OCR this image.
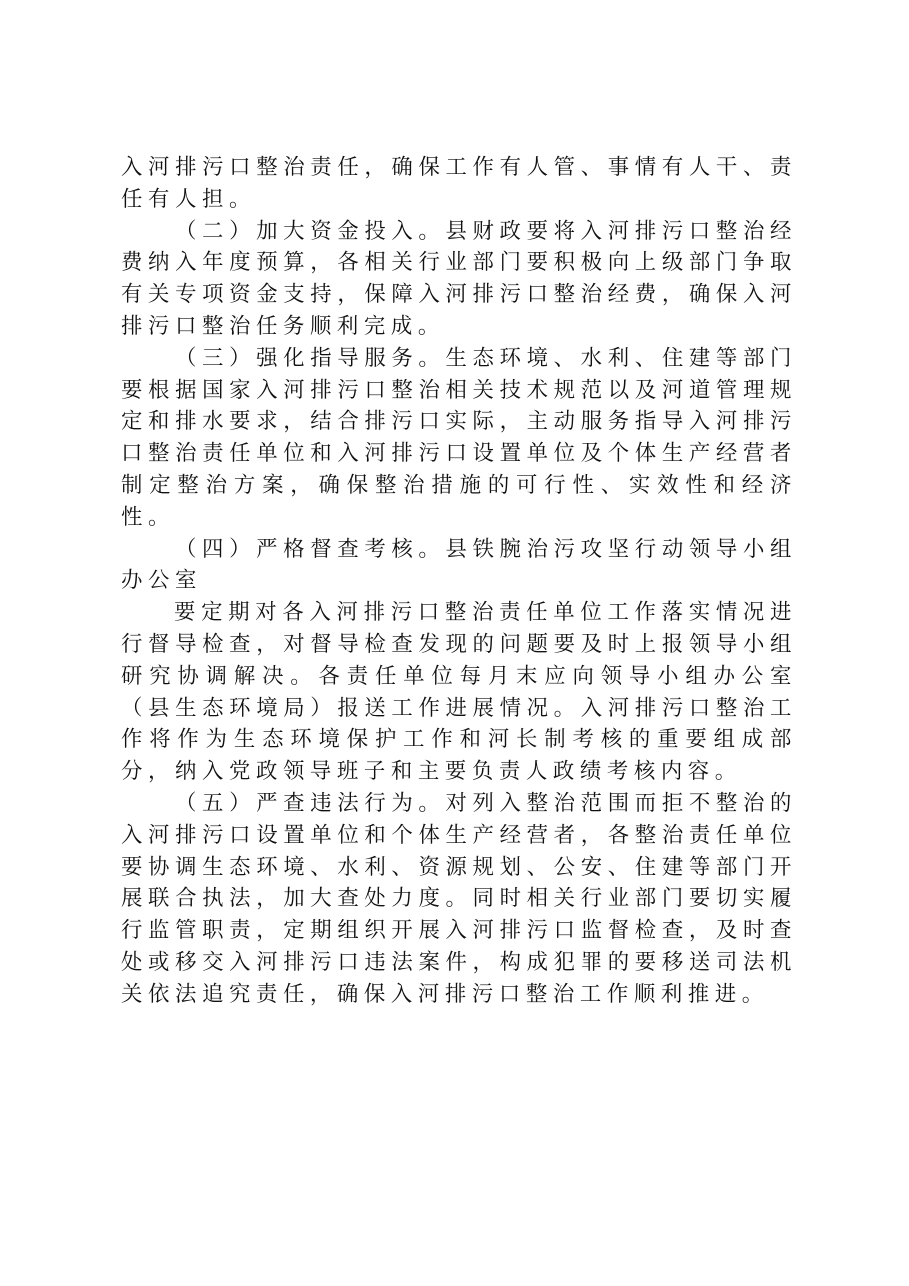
入河排污口整治责任，确保工作有人管、事情有人干、责任有人担。

（二）加大资金投入。县财政要将入河排污口整治经费纳入年度预算，各相关行业部门要积极向上级部门争取有关专项资金支持，保障入河排污口整治经费，确保入河排污口整治任务顺利完成。

（三）强化指导服务。生态环境、水利、住建等部门要根据国家入河排污口整治相关技术规范以及河道管理规定和排水要求，结合排污口实际，主动服务指导入河排污口整治责任单位和入河排污口设置单位及个体生产经营者制定整治方案，确保整治措施的可行性、实效性和经济性。

（四）严格督查考核。县铁腕治污攻坚行动领导小组办公室

要定期对各入河排污口整治责任单位工作落实情况进行督导检查，对督导检查发现的问题要及时上报领导小组研究协调解决。各责任单位每月末应向领导小组办公室（县生态环境局）报送工作进展情况。入河排污口整治工作将作为生态环境保护工作和河长制考核的重要组成部分，纳入党政领导班子和主要负责人政绩考核内容。

（五）严查违法行为。对列入整治范围而拒不整治的入河排污口设置单位和个体生产经营者，各整治责任单位要协调生态环境、水利、资源规划、公安、住建等部门开展联合执法，加大查处力度。同时相关行业部门要切实履行监管职责，定期组织开展入河排污口监督检查，及时查处或移交入河排污口违法案件，构成犯罪的要移送司法机关依法追究责任，确保入河排污口整治工作顺利推进。
